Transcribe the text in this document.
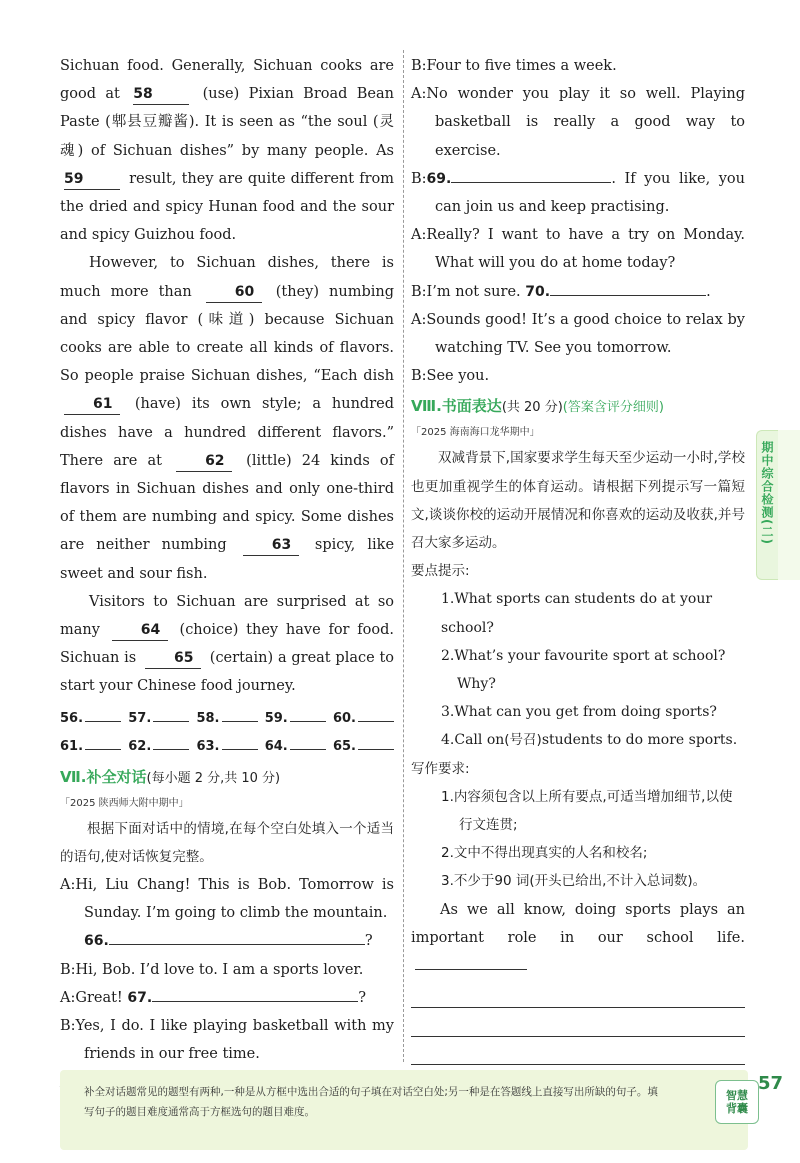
Sichuan food. Generally, Sichuan cooks are good at 58	(use) Pixian Broad Bean Paste (郫县豆瓣酱). It is seen as “the soul (灵魂) of Sichuan dishes” by many people. As 59	result, they are quite different from the dried and spicy Hunan food and the sour and spicy Guizhou food.
However, to Sichuan dishes, there is much more than	60 (they) numbing and spicy flavor (味道) because Sichuan cooks are able to create all kinds of flavors. So people praise Sichuan dishes, “Each dish 61 (have) its own style; a hundred dishes have a hundred different flavors.” There are at	62 (little) 24 kinds of flavors in Sichuan dishes and only one-third of them are numbing and spicy. Some dishes are neither numbing	63 spicy, like sweet and sour fish.
Visitors to Sichuan are surprised at so many	64 (choice) they have for food. Sichuan is	65 (certain) a great place to start your Chinese food journey.
56.	57.	58.	59.	60.
61.	62.	63.	64.	65.
Ⅶ.补全对话(每小题 2 分,共 10 分)
「2025 陕西师大附中期中」
根据下面对话中的情境,在每个空白处填入一个适当的语句,使对话恢复完整。
A:Hi, Liu Chang! This is Bob. Tomorrow is Sunday. I’m going to climb the mountain.
66.	?
B:Hi, Bob. I’d love to. I am a sports lover.
A:Great! 67.	?
B:Yes, I do. I like playing basketball with my friends in our free time.
B:Four to five times a week.
A:No wonder you play it so well. Playing basketball is really a good way to exercise.
B:69.	. If you like, you can join us and keep practising.
A:Really? I want to have a try on Monday. What will you do at home today?
B:I’m not sure. 70.	.
A:Sounds good! It’s a good choice to relax by watching TV. See you tomorrow.
B:See you.
Ⅷ.书面表达(共 20 分)(答案含评分细则)
「2025 海南海口龙华期中」
双减背景下,国家要求学生每天至少运动一小时,学校也更加重视学生的体育运动。请根据下列提示写一篇短文,谈谈你校的运动开展情况和你喜欢的运动及收获,并号召大家多运动。
要点提示:
1.What sports can students do at your school?
2.What’s your favourite sport at school?
Why?
3.What can you get from doing sports?
4.Call on(号召)students to do more sports.
写作要求:
1.内容须包含以上所有要点,可适当增加细节,以使行文连贯;
2.文中不得出现真实的人名和校名;
3.不少于90 词(开头已给出,不计入总词数)。
As we all know, doing sports plays an important role in our school life.
期中综合检测(二)

补全对话题常见的题型有两种,一种是从方框中选出合适的句子填在对话空白处;另一种是在答题线上直接写出所缺的句子。填写句子的题目难度通常高于方框选句的题目难度。

智慧
背囊
57
